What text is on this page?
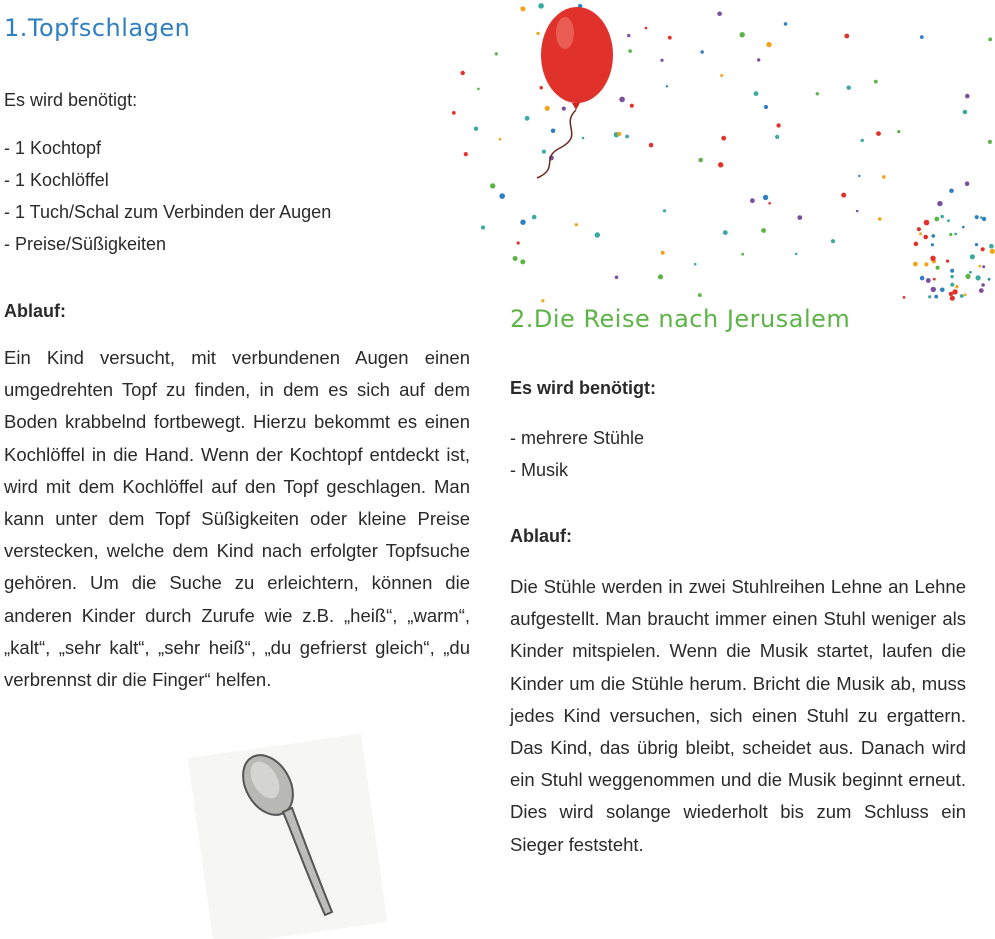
1.Topfschlagen
Es wird benötigt:
- 1 Kochtopf
- 1 Kochlöffel
- 1 Tuch/Schal zum Verbinden der Augen
- Preise/Süßigkeiten
Ablauf:
Ein Kind versucht, mit verbundenen Augen einen umgedrehten Topf zu finden, in dem es sich auf dem Boden krabbelnd fortbewegt. Hierzu bekommt es einen Kochlöffel in die Hand. Wenn der Kochtopf entdeckt ist, wird mit dem Kochlöffel auf den Topf geschlagen. Man kann unter dem Topf Süßigkeiten oder kleine Preise verstecken, welche dem Kind nach erfolgter Topfsuche gehören. Um die Suche zu erleichtern, können die anderen Kinder durch Zurufe wie z.B. „heiß“, „warm“, „kalt“, „sehr kalt“, „sehr heiß“, „du gefrierst gleich“, „du verbrennst dir die Finger“ helfen.
2.Die Reise nach Jerusalem
Es wird benötigt:
- mehrere Stühle
- Musik
Ablauf:
Die Stühle werden in zwei Stuhlreihen Lehne an Lehne aufgestellt. Man braucht immer einen Stuhl weniger als Kinder mitspielen. Wenn die Musik startet, laufen die Kinder um die Stühle herum. Bricht die Musik ab, muss jedes Kind versuchen, sich einen Stuhl zu ergattern. Das Kind, das übrig bleibt, scheidet aus. Danach wird ein Stuhl weggenommen und die Musik beginnt erneut. Dies wird solange wiederholt bis zum Schluss ein Sieger feststeht.
